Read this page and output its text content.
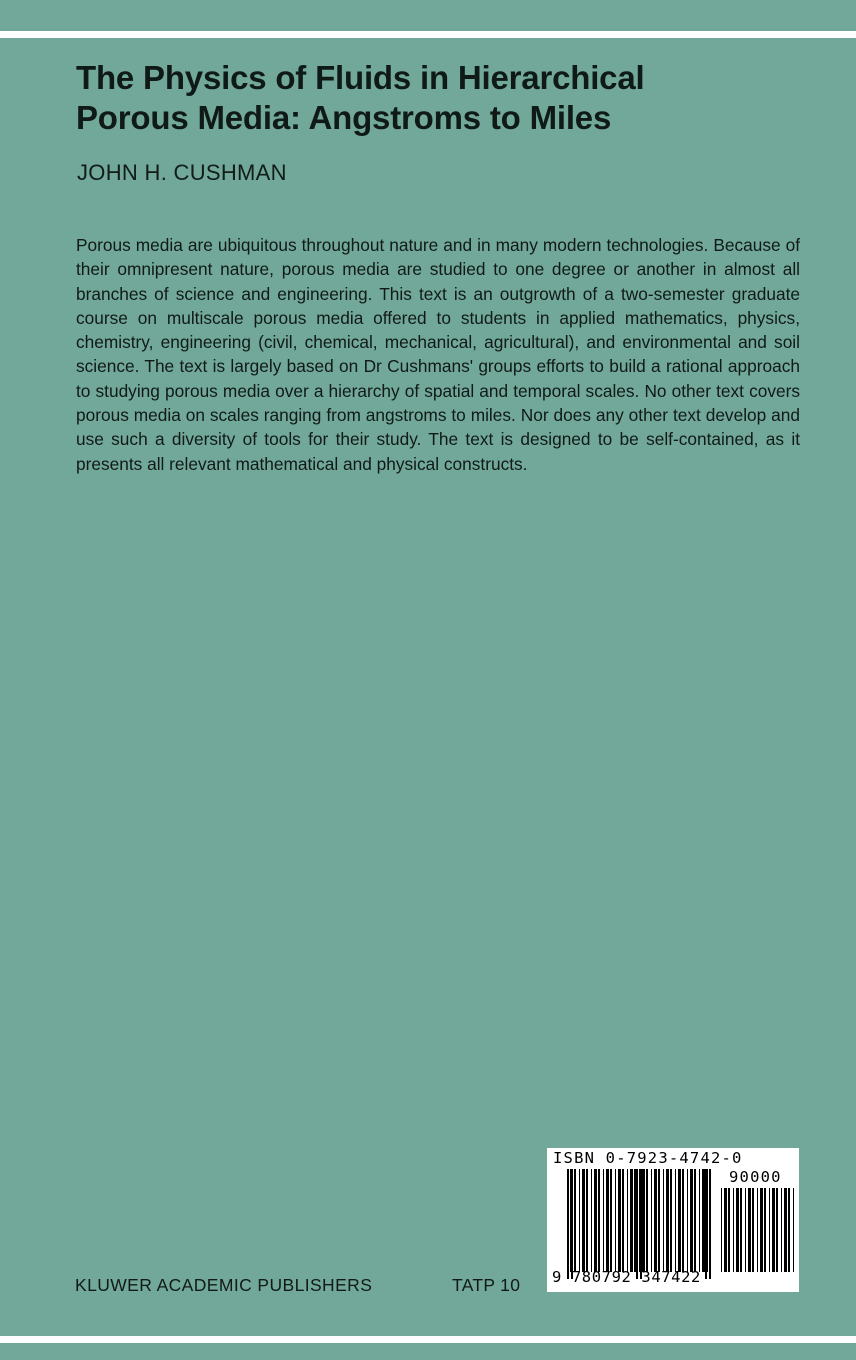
The Physics of Fluids in Hierarchical
Porous Media: Angstroms to Miles
JOHN H. CUSHMAN

Porous media are ubiquitous throughout nature and in many modern technologies. Because of their omnipresent nature, porous media are studied to one degree or another in almost all branches of science and engineering. This text is an outgrowth of a two-semester graduate course on multiscale porous media offered to students in applied mathematics, physics, chemistry, engineering (civil, chemical, mechanical, agricultural), and environmental and soil science. The text is largely based on Dr Cushmans' groups efforts to build a rational approach to studying porous media over a hierarchy of spatial and temporal scales. No other text covers porous media on scales ranging from angstroms to miles. Nor does any other text develop and use such a diversity of tools for their study. The text is designed to be self-contained, as it presents all relevant mathematical and physical constructs.

KLUWER ACADEMIC PUBLISHERS	TATP 10
ISBN 0-7923-4742-0
90000
9 780792 347422
